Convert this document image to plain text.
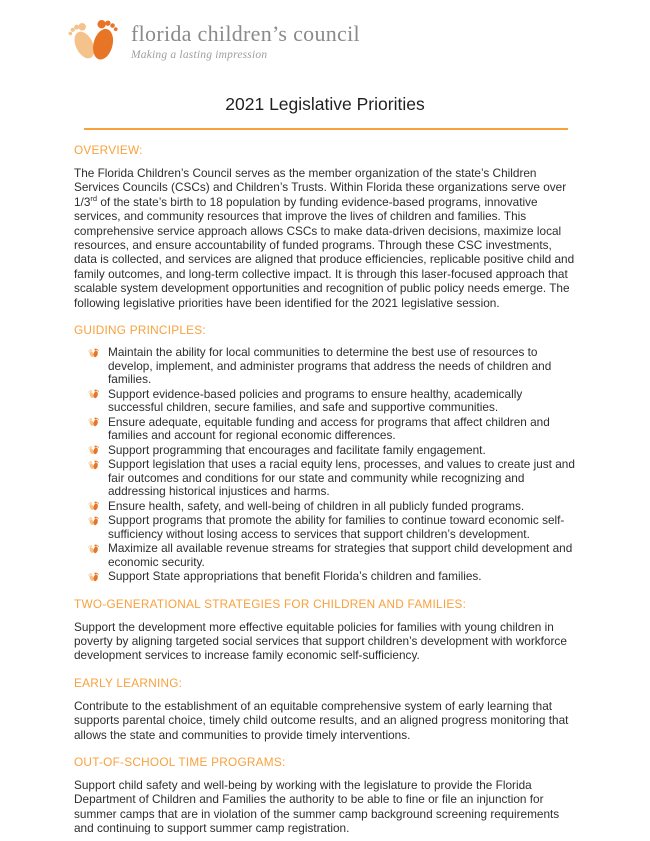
florida children’s council
Making a lasting impression
2021 Legislative Priorities
OVERVIEW:

The Florida Children’s Council serves as the member organization of the state’s Children Services Councils (CSCs) and Children’s Trusts. Within Florida these organizations serve over 1/3rd of the state’s birth to 18 population by funding evidence-based programs, innovative services, and community resources that improve the lives of children and families. This comprehensive service approach allows CSCs to make data-driven decisions, maximize local resources, and ensure accountability of funded programs. Through these CSC investments, data is collected, and services are aligned that produce efficiencies, replicable positive child and family outcomes, and long-term collective impact. It is through this laser-focused approach that scalable system development opportunities and recognition of public policy needs emerge. The following legislative priorities have been identified for the 2021 legislative session.

GUIDING PRINCIPLES:
Maintain the ability for local communities to determine the best use of resources to develop, implement, and administer programs that address the needs of children and families.
Support evidence-based policies and programs to ensure healthy, academically successful children, secure families, and safe and supportive communities.
Ensure adequate, equitable funding and access for programs that affect children and families and account for regional economic differences.
Support programming that encourages and facilitate family engagement.
Support legislation that uses a racial equity lens, processes, and values to create just and fair outcomes and conditions for our state and community while recognizing and addressing historical injustices and harms.
Ensure health, safety, and well-being of children in all publicly funded programs.
Support programs that promote the ability for families to continue toward economic self-sufficiency without losing access to services that support children’s development.
Maximize all available revenue streams for strategies that support child development and economic security.
Support State appropriations that benefit Florida’s children and families.
TWO-GENERATIONAL STRATEGIES FOR CHILDREN AND FAMILIES:

Support the development more effective equitable policies for families with young children in poverty by aligning targeted social services that support children’s development with workforce development services to increase family economic self-sufficiency.

EARLY LEARNING:

Contribute to the establishment of an equitable comprehensive system of early learning that supports parental choice, timely child outcome results, and an aligned progress monitoring that allows the state and communities to provide timely interventions.

OUT-OF-SCHOOL TIME PROGRAMS:

Support child safety and well-being by working with the legislature to provide the Florida Department of Children and Families the authority to be able to fine or file an injunction for summer camps that are in violation of the summer camp background screening requirements and continuing to support summer camp registration.
